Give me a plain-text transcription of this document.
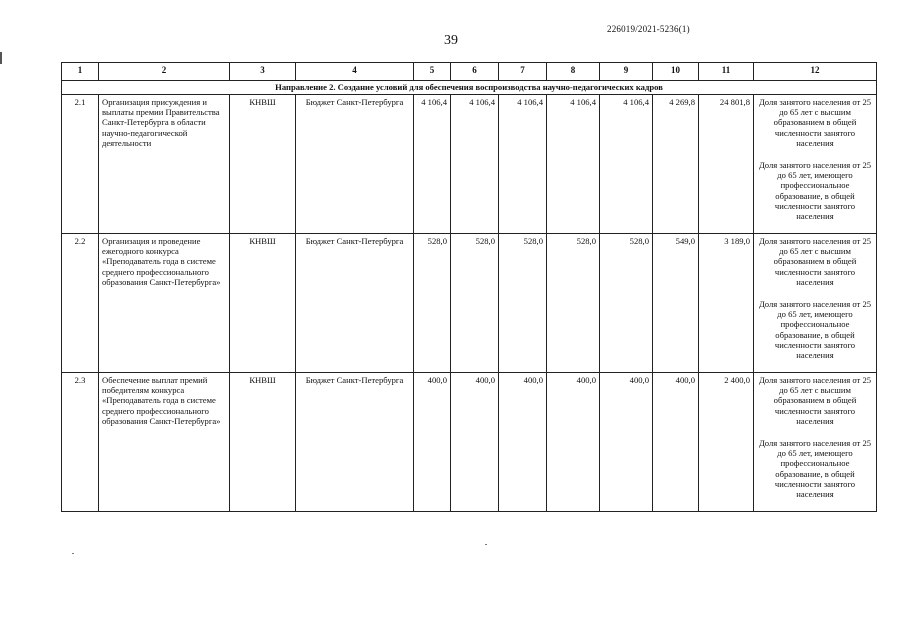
226019/2021-5236(1)
39
1	2	3	4	5	6	7	8	9	10	11	12
Направление 2. Создание условий для обеспечения воспроизводства научно-педагогических кадров											
2.1	Организация присуждения и выплаты премии Правительства Санкт-Петербурга в области научно-педагогической деятельности	КНВШ	Бюджет Санкт-Петербурга	4 106,4	4 106,4	4 106,4	4 106,4	4 106,4	4 269,8	24 801,8	Доля занятого населения от 25 до 65 лет с высшим образованием в общей численности занятого населения
Доля занятого населения от 25 до 65 лет, имеющего профессиональное образование, в общей численности занятого населения

2.2	Организация и проведение ежегодного конкурса «Преподаватель года в системе среднего профессионального образования Санкт-Петербурга»	КНВШ	Бюджет Санкт-Петербурга	528,0	528,0	528,0	528,0	528,0	549,0	3 189,0	Доля занятого населения от 25 до 65 лет с высшим образованием в общей численности занятого населения
Доля занятого населения от 25 до 65 лет, имеющего профессиональное образование, в общей численности занятого населения

2.3	Обеспечение выплат премий победителям конкурса «Преподаватель года в системе среднего профессионального образования Санкт-Петербурга»	КНВШ	Бюджет Санкт-Петербурга	400,0	400,0	400,0	400,0	400,0	400,0	2 400,0	Доля занятого населения от 25 до 65 лет с высшим образованием в общей численности занятого населения
Доля занятого населения от 25 до 65 лет, имеющего профессиональное образование, в общей численности занятого населения
